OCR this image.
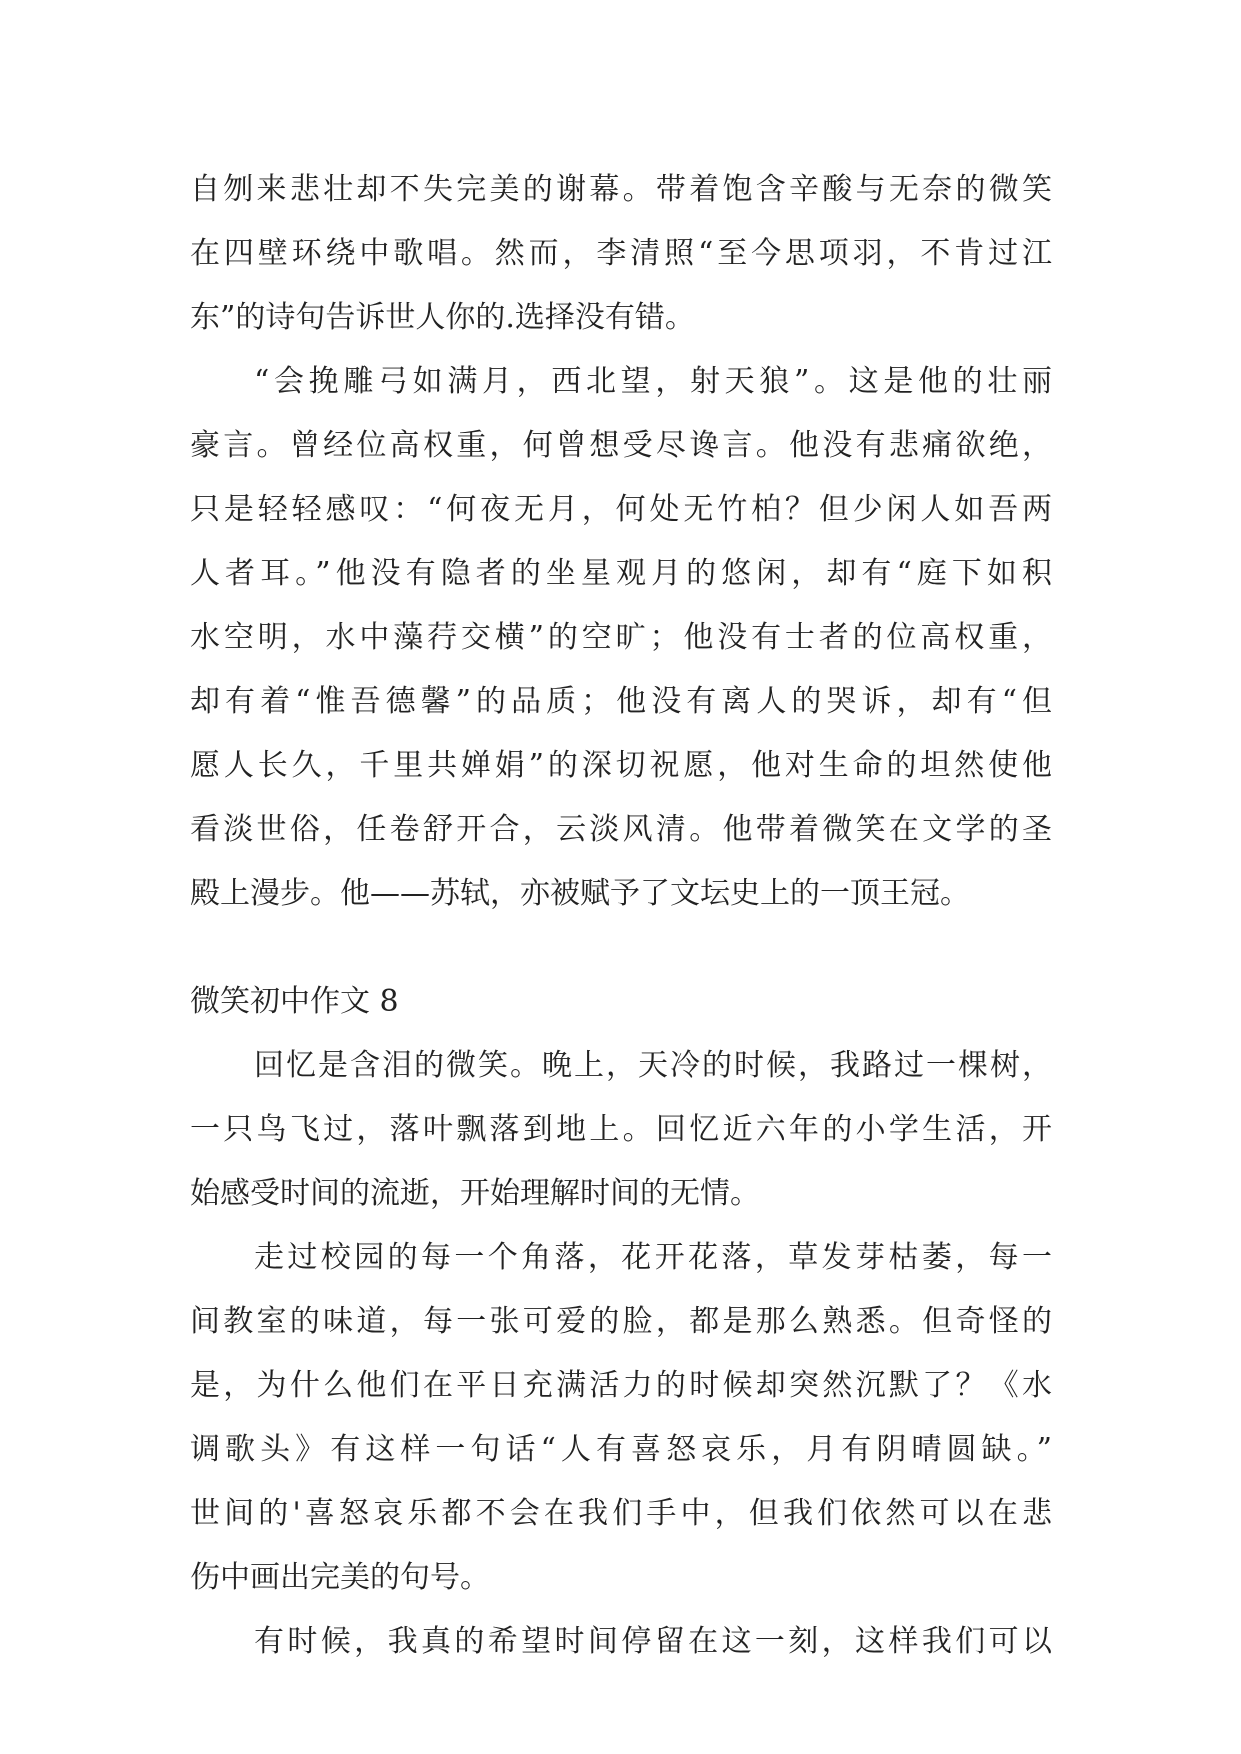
自刎来悲壮却不失完美的谢幕。带着饱含辛酸与无奈的微笑
在四壁环绕中歌唱。然而，李清照“至今思项羽，不肯过江
东”的诗句告诉世人你的.选择没有错。
“会挽雕弓如满月，西北望，射天狼”。这是他的壮丽
豪言。曾经位高权重，何曾想受尽谗言。他没有悲痛欲绝，
只是轻轻感叹：“何夜无月，何处无竹柏？但少闲人如吾两
人者耳。”他没有隐者的坐星观月的悠闲，却有“庭下如积
水空明，水中藻荇交横”的空旷；他没有士者的位高权重，
却有着“惟吾德馨”的品质；他没有离人的哭诉，却有“但
愿人长久，千里共婵娟”的深切祝愿，他对生命的坦然使他
看淡世俗，任卷舒开合，云淡风清。他带着微笑在文学的圣
殿上漫步。他——苏轼，亦被赋予了文坛史上的一顶王冠。
微笑初中作文 8
回忆是含泪的微笑。晚上，天冷的时候，我路过一棵树，
一只鸟飞过，落叶飘落到地上。回忆近六年的小学生活，开
始感受时间的流逝，开始理解时间的无情。
走过校园的每一个角落，花开花落，草发芽枯萎，每一
间教室的味道，每一张可爱的脸，都是那么熟悉。但奇怪的
是，为什么他们在平日充满活力的时候却突然沉默了？《水
调歌头》有这样一句话“人有喜怒哀乐，月有阴晴圆缺。”
世间的'喜怒哀乐都不会在我们手中，但我们依然可以在悲
伤中画出完美的句号。
有时候，我真的希望时间停留在这一刻，这样我们可以
